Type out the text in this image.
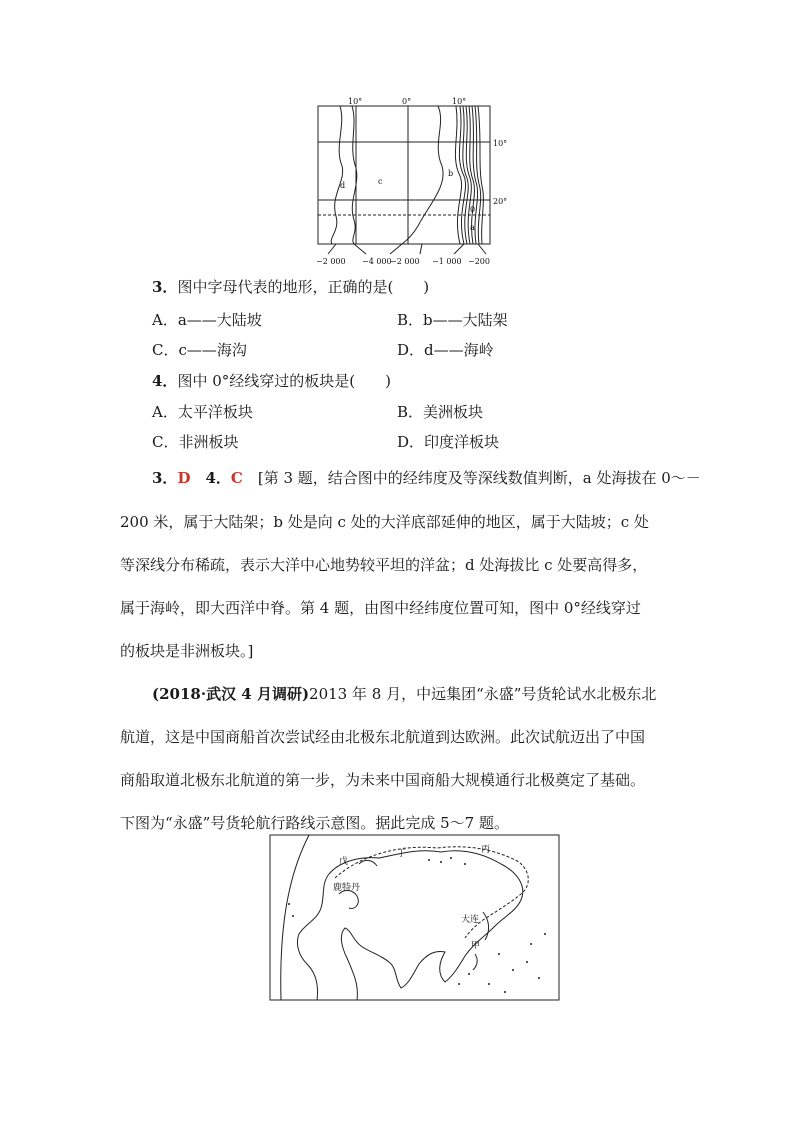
10°	0°	10°
10°
20°
0
−2 000 −4 000
−2 000 −1 000 −200
d	c
b
a
3．图中字母代表的地形，正确的是(　　)
A．a——大陆坡	B．b——大陆架
C．c——海沟	D．d——海岭
4．图中 0°经线穿过的板块是(　　)
A．太平洋板块	B．美洲板块
C．非洲板块	D．印度洋板块
3．D  4．C  [第 3 题，结合图中的经纬度及等深线数值判断，a 处海拔在 0～－
200 米，属于大陆架；b 处是向 c 处的大洋底部延伸的地区，属于大陆坡；c 处
等深线分布稀疏，表示大洋中心地势较平坦的洋盆；d 处海拔比 c 处要高得多，
属于海岭，即大西洋中脊。第 4 题，由图中经纬度位置可知，图中 0°经线穿过
的板块是非洲板块。]
(2018·武汉 4 月调研)2013 年 8 月，中远集团“永盛”号货轮试水北极东北
航道，这是中国商船首次尝试经由北极东北航道到达欧洲。此次试航迈出了中国
商船取道北极东北航道的第一步，为未来中国商船大规模通行北极奠定了基础。
下图为“永盛”号货轮航行路线示意图。据此完成 5～7 题。
丙
丁
戊
鹿特丹
大连
甲
